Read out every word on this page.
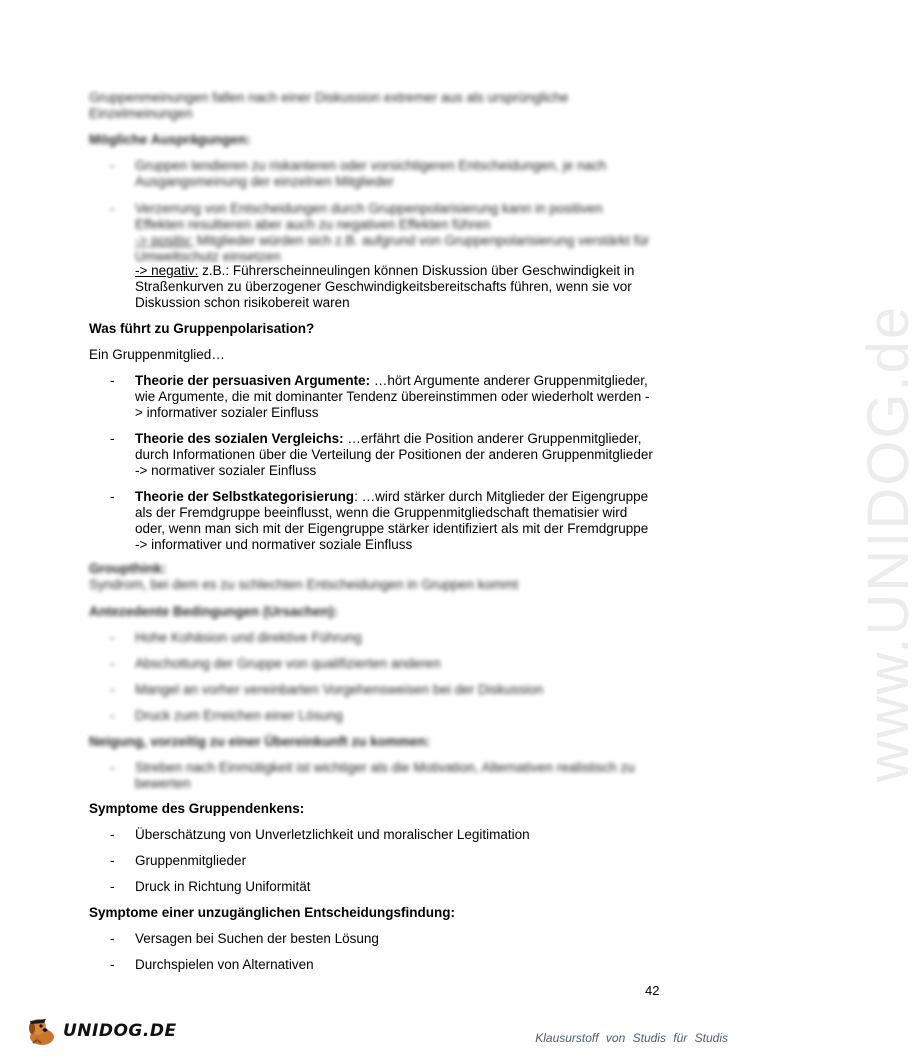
www.UNIDOG.de

Gruppenmeinungen fallen nach einer Diskussion extremer aus als ursprüngliche Einzelmeinungen

Mögliche Ausprägungen:

- Gruppen tendieren zu riskanteren oder vorsichtigeren Entscheidungen, je nach Ausgangsmeinung der einzelnen Mitglieder
- Verzerrung von Entscheidungen durch Gruppenpolarisierung kann in positiven Effekten resultieren aber auch zu negativen Effekten führen
-> positiv: Mitglieder würden sich z.B. aufgrund von Gruppenpolarisierung verstärkt für Umweltschutz einsetzen
-> negativ: z.B.: Führerscheinneulingen können Diskussion über Geschwindigkeit in Straßenkurven zu überzogener Geschwindigkeitsbereitschafts führen, wenn sie vor Diskussion schon risikobereit waren

Was führt zu Gruppenpolarisation?

Ein Gruppenmitglied…

- Theorie der persuasiven Argumente: …hört Argumente anderer Gruppenmitglieder, wie Argumente, die mit dominanter Tendenz übereinstimmen oder wiederholt werden -> informativer sozialer Einfluss
- Theorie des sozialen Vergleichs: …erfährt die Position anderer Gruppenmitglieder, durch Informationen über die Verteilung der Positionen der anderen Gruppenmitglieder -> normativer sozialer Einfluss
- Theorie der Selbstkategorisierung: …wird stärker durch Mitglieder der Eigengruppe als der Fremdgruppe beeinflusst, wenn die Gruppenmitgliedschaft thematisier wird oder, wenn man sich mit der Eigengruppe stärker identifiziert als mit der Fremdgruppe -> informativer und normativer soziale Einfluss

Groupthink:

Syndrom, bei dem es zu schlechten Entscheidungen in Gruppen kommt

Antezedente Bedingungen (Ursachen):

- Hohe Kohäsion und direktive Führung
- Abschottung der Gruppe von qualifizierten anderen
- Mangel an vorher vereinbarten Vorgehensweisen bei der Diskussion
- Druck zum Erreichen einer Lösung

Neigung, vorzeitig zu einer Übereinkunft zu kommen:

- Streben nach Einmütigkeit ist wichtiger als die Motivation, Alternativen realistisch zu bewerten

Symptome des Gruppendenkens:

- Überschätzung von Unverletzlichkeit und moralischer Legitimation
- Gruppenmitglieder
- Druck in Richtung Uniformität

Symptome einer unzugänglichen Entscheidungsfindung:

- Versagen bei Suchen der besten Lösung
- Durchspielen von Alternativen
42
UNIDOG.DE	Klausurstoff von Studis für Studis
